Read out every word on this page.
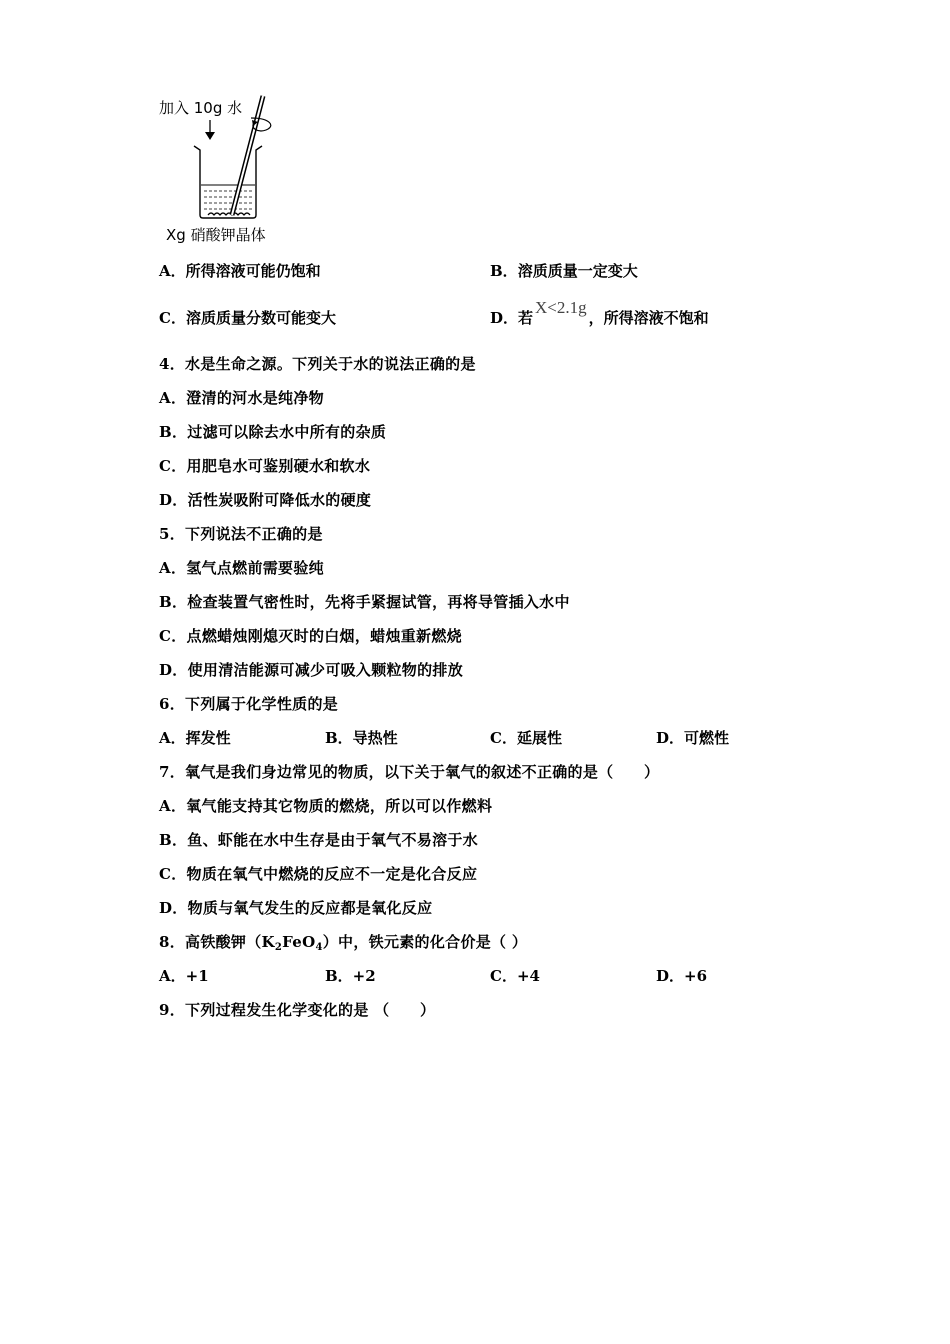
加入 10g 水
Xg 硝酸钾晶体
A．所得溶液可能仍饱和	B．溶质质量一定变大
C．溶质质量分数可能变大	D．若X<2.1g，所得溶液不饱和
4．水是生命之源。下列关于水的说法正确的是
A．澄清的河水是纯净物
B．过滤可以除去水中所有的杂质
C．用肥皂水可鉴别硬水和软水
D．活性炭吸附可降低水的硬度
5．下列说法不正确的是
A．氢气点燃前需要验纯
B．检查装置气密性时，先将手紧握试管，再将导管插入水中
C．点燃蜡烛刚熄灭时的白烟，蜡烛重新燃烧
D．使用清洁能源可减少可吸入颗粒物的排放
6．下列属于化学性质的是
A．挥发性	B．导热性	C．延展性	D．可燃性
7．氧气是我们身边常见的物质，以下关于氧气的叙述不正确的是（　　）
A．氧气能支持其它物质的燃烧，所以可以作燃料
B．鱼、虾能在水中生存是由于氧气不易溶于水
C．物质在氧气中燃烧的反应不一定是化合反应
D．物质与氧气发生的反应都是氧化反应
8．高铁酸钾$(K_2FeO_4)$中，铁元素的化合价是（ ）
A．+1	B．+2	C．+4	D．+6
9．下列过程发生化学变化的是 （　　）
